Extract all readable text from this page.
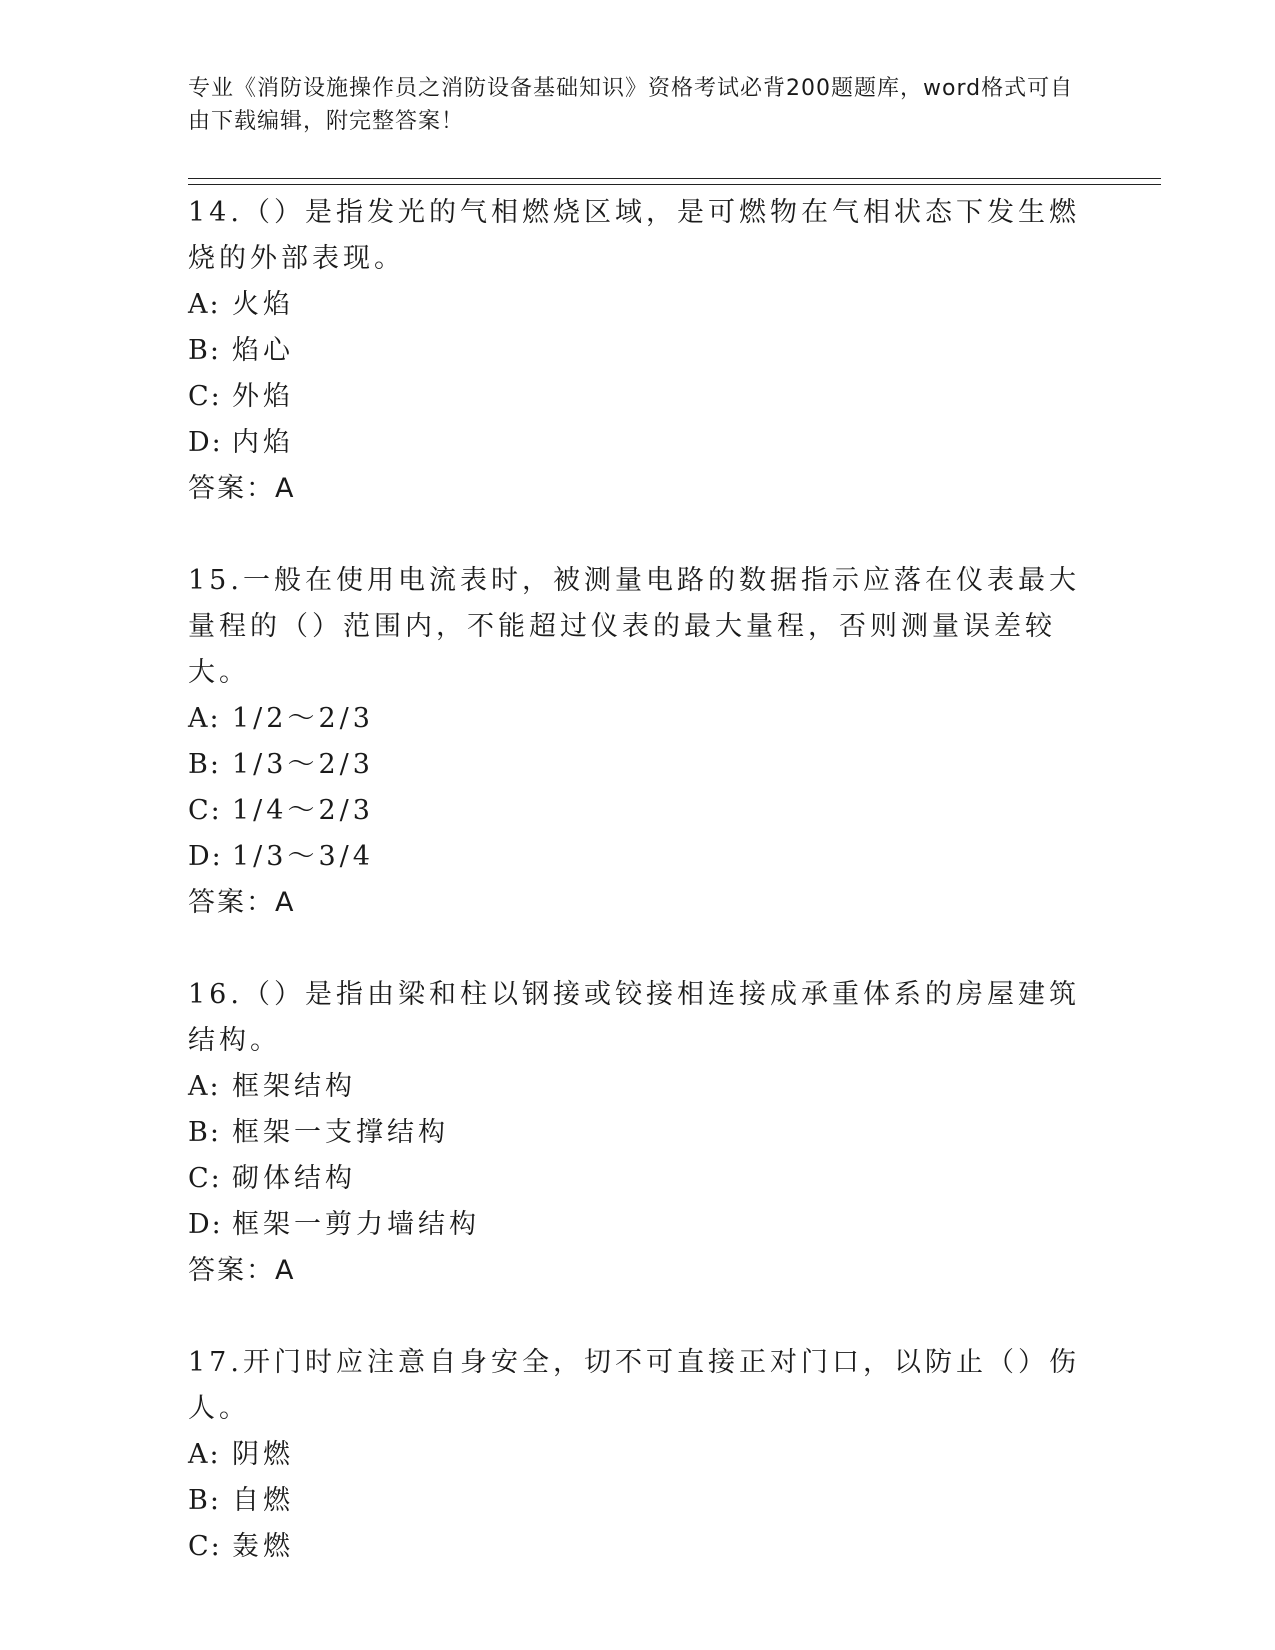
专业《消防设施操作员之消防设备基础知识》资格考试必背200题题库，word格式可自由下载编辑，附完整答案！

14.（）是指发光的气相燃烧区域，是可燃物在气相状态下发生燃烧的外部表现。

A: 火焰

B: 焰心

C: 外焰

D: 内焰

答案：A

15.一般在使用电流表时，被测量电路的数据指示应落在仪表最大量程的（）范围内，不能超过仪表的最大量程，否则测量误差较大。

A: 1/2～2/3

B: 1/3～2/3

C: 1/4～2/3

D: 1/3～3/4

答案：A

16.（）是指由梁和柱以钢接或铰接相连接成承重体系的房屋建筑结构。

A: 框架结构

B: 框架一支撑结构

C: 砌体结构

D: 框架一剪力墙结构

答案：A

17.开门时应注意自身安全，切不可直接正对门口，以防止（）伤人。

A: 阴燃

B: 自燃

C: 轰燃
